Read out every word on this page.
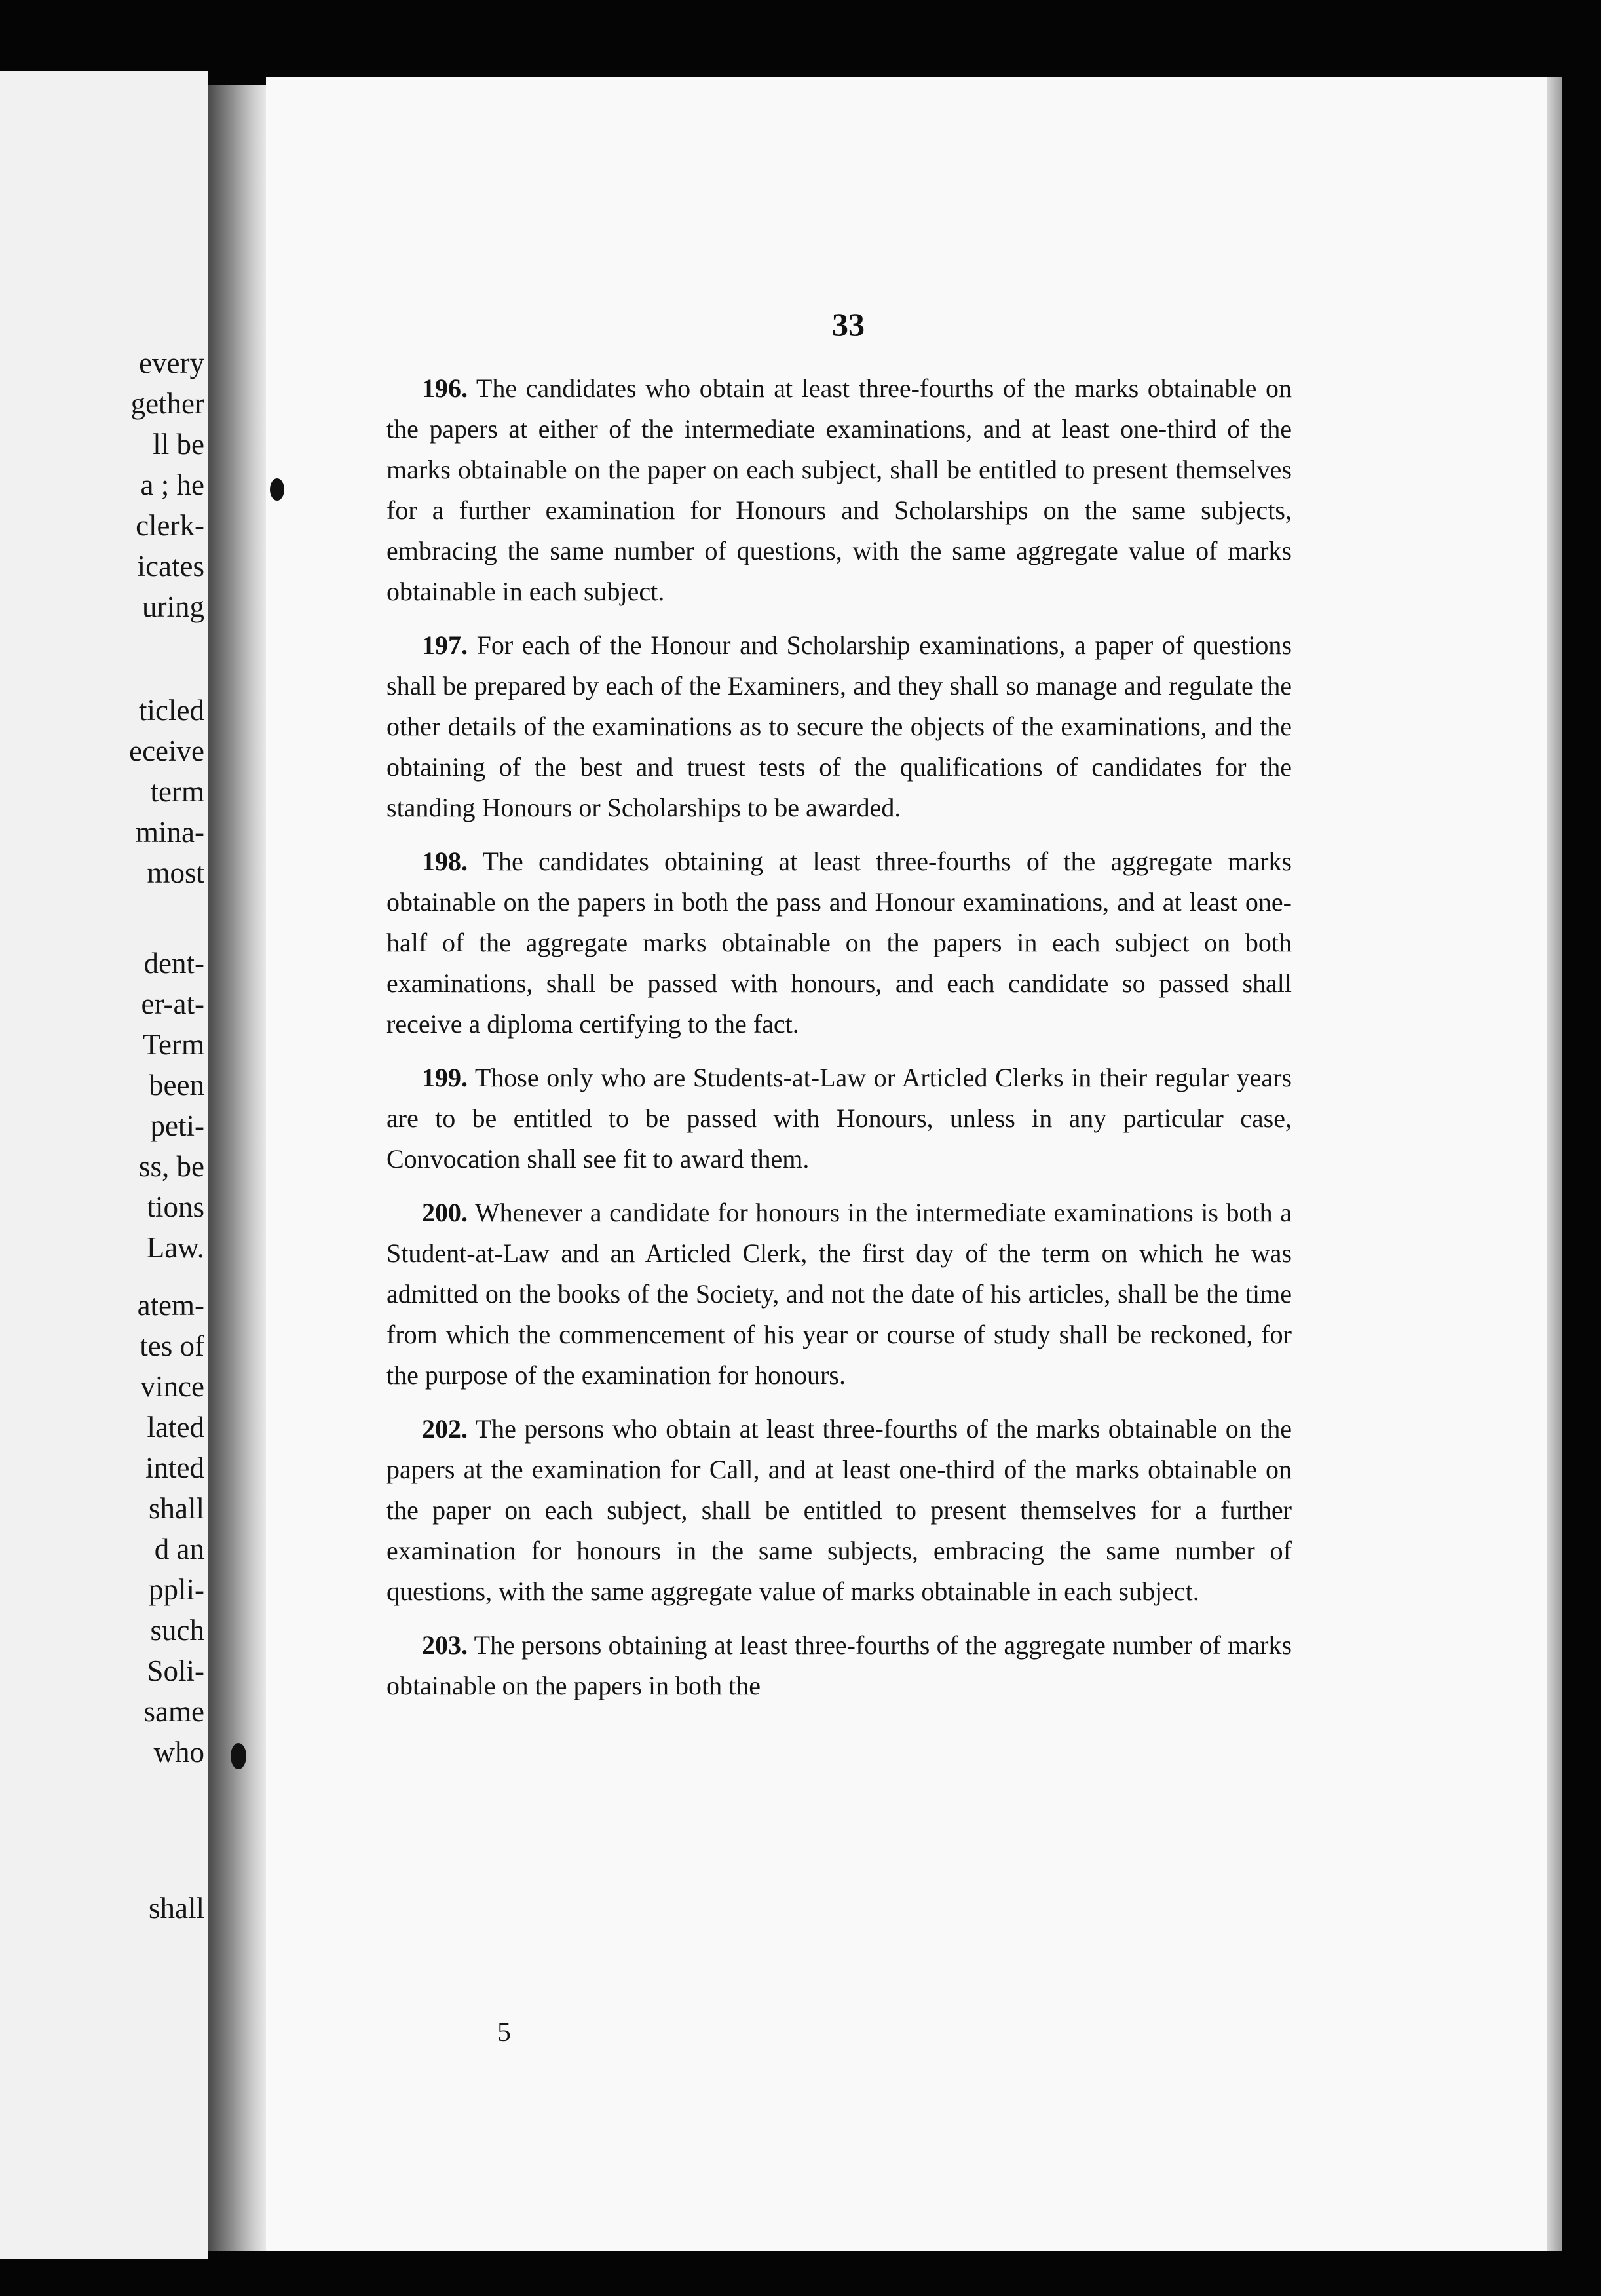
every
gether
ll be
a ; he
clerk-
icates
uring
ticled
eceive
term
mina-
most
dent-
er-at-
Term
been
peti-
ss, be
tions
Law.
atem-
tes of
vince
lated
inted
shall
d an
ppli-
such
Soli-
same
who
shall
33

196. The candidates who obtain at least three-fourths of the marks obtainable on the papers at either of the intermediate examinations, and at least one-third of the marks obtainable on the paper on each subject, shall be entitled to present themselves for a further examination for Honours and Scholarships on the same subjects, embracing the same number of questions, with the same aggregate value of marks obtainable in each subject.

197. For each of the Honour and Scholarship examinations, a paper of questions shall be prepared by each of the Examiners, and they shall so manage and regulate the other details of the examinations as to secure the objects of the examinations, and the obtaining of the best and truest tests of the qualifications of candidates for the standing Honours or Scholarships to be awarded.

198. The candidates obtaining at least three-fourths of the aggregate marks obtainable on the papers in both the pass and Honour examinations, and at least one-half of the aggregate marks obtainable on the papers in each subject on both examinations, shall be passed with honours, and each candidate so passed shall receive a diploma certifying to the fact.

199. Those only who are Students-at-Law or Articled Clerks in their regular years are to be entitled to be passed with Honours, unless in any particular case, Convocation shall see fit to award them.

200. Whenever a candidate for honours in the intermediate examinations is both a Student-at-Law and an Articled Clerk, the first day of the term on which he was admitted on the books of the Society, and not the date of his articles, shall be the time from which the commencement of his year or course of study shall be reckoned, for the purpose of the examination for honours.

202. The persons who obtain at least three-fourths of the marks obtainable on the papers at the examination for Call, and at least one-third of the marks obtainable on the paper on each subject, shall be entitled to present themselves for a further examination for honours in the same subjects, embracing the same number of questions, with the same aggregate value of marks obtainable in each subject.

203. The persons obtaining at least three-fourths of the aggregate number of marks obtainable on the papers in both the

5
